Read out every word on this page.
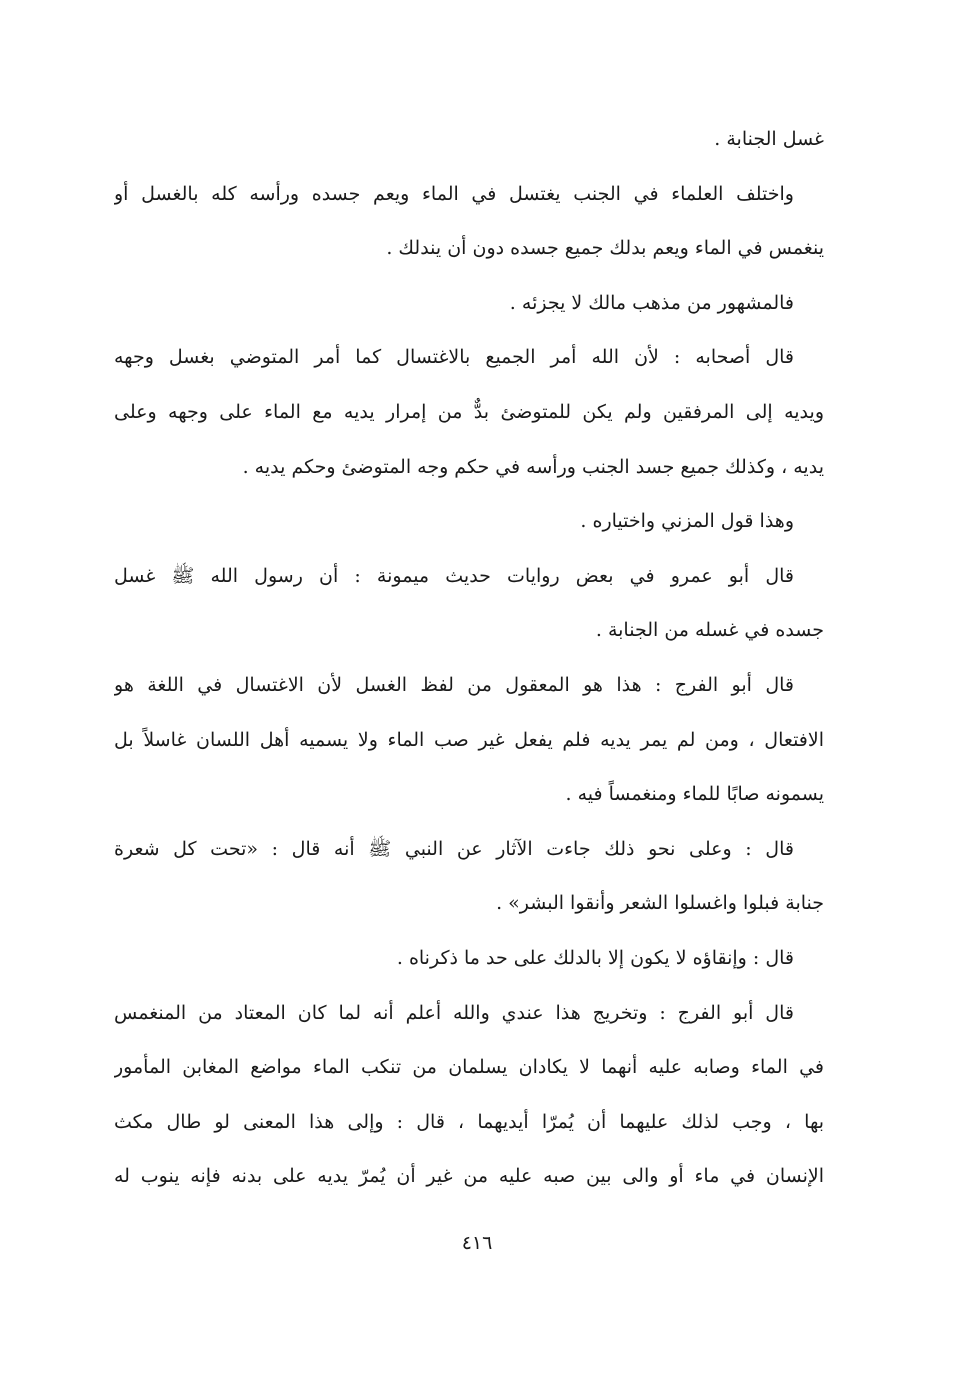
غسل الجنابة .
واختلف العلماء في الجنب يغتسل في الماء ويعم جسده ورأسه كله بالغسل أو
ينغمس في الماء ويعم بدلك جميع جسده دون أن يندلك .
فالمشهور من مذهب مالك لا يجزئه .
قال أصحابه : لأن الله أمر الجميع بالاغتسال كما أمر المتوضي بغسل وجهه
ويديه إلى المرفقين ولم يكن للمتوضئ بدٌّ من إمرار يديه مع الماء على وجهه وعلى
يديه ، وكذلك جميع جسد الجنب ورأسه في حكم وجه المتوضئ وحكم يديه .
وهذا قول المزني واختياره .
قال أبو عمرو في بعض روايات حديث ميمونة : أن رسول الله ﷺ غسل
جسده في غسله من الجنابة .
قال أبو الفرج : هذا هو المعقول من لفظ الغسل لأن الاغتسال في اللغة هو
الافتعال ، ومن لم يمر يديه فلم يفعل غير صب الماء ولا يسميه أهل اللسان غاسلاً بل
يسمونه صابًا للماء ومنغمساً فيه .
قال : وعلى نحو ذلك جاءت الآثار عن النبي ﷺ أنه قال : «تحت كل شعرة
جنابة فبلوا واغسلوا الشعر وأنقوا البشر» .
قال : وإنقاؤه لا يكون إلا بالدلك على حد ما ذكرناه .
قال أبو الفرج : وتخريج هذا عندي والله أعلم أنه لما كان المعتاد من المنغمس
في الماء وصابه عليه أنهما لا يكادان يسلمان من تنكب الماء مواضع المغابن المأمور
بها ، وجب لذلك عليهما أن يُمرّا أيديهما ، قال : وإلى هذا المعنى لو طال مكث
الإنسان في ماء أو والى بين صبه عليه من غير أن يُمرّ يديه على بدنه فإنه ينوب له
٤١٦
